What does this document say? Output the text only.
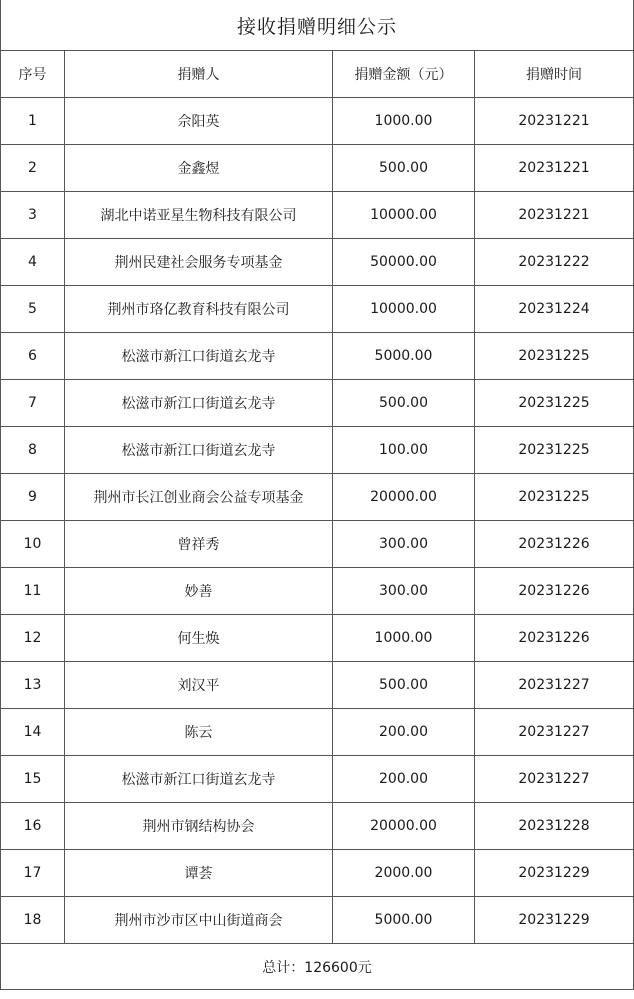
接收捐赠明细公示			
序号	捐赠人	捐赠金额（元）	捐赠时间
1	佘阳英	1000.00	20231221
2	金鑫煜	500.00	20231221
3	湖北中诺亚星生物科技有限公司	10000.00	20231221
4	荆州民建社会服务专项基金	50000.00	20231222
5	荆州市珞亿教育科技有限公司	10000.00	20231224
6	松滋市新江口街道玄龙寺	5000.00	20231225
7	松滋市新江口街道玄龙寺	500.00	20231225
8	松滋市新江口街道玄龙寺	100.00	20231225
9	荆州市长江创业商会公益专项基金	20000.00	20231225
10	曾祥秀	300.00	20231226
11	妙善	300.00	20231226
12	何生焕	1000.00	20231226
13	刘汉平	500.00	20231227
14	陈云	200.00	20231227
15	松滋市新江口街道玄龙寺	200.00	20231227
16	荆州市钢结构协会	20000.00	20231228
17	谭荟	2000.00	20231229
18	荆州市沙市区中山街道商会	5000.00	20231229
总计：126600元			
